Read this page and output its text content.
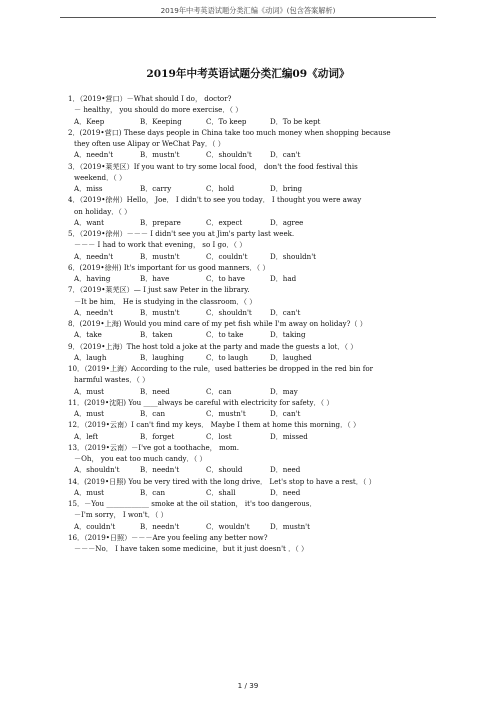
2019年中考英语试题分类汇编《动词》(包含答案解析)
2019年中考英语试题分类汇编09《动词》
1．（2019•营口）－What should I do， doctor?
－ healthy， you should do more exercise．（ ）
A．Keep	B．Keeping	C．To keep	D．To be kept
2．(2019•营口) These days people in China take too much money when shopping because
they often use Alipay or WeChat Pay．（ ）
A．needn't	B．mustn't	C．shouldn't	D．can't
3．（2019•莱芜区）If you want to try some local food， don't the food festival this
weekend．（ ）
A．miss	B．carry	C．hold	D．bring
4．（2019•徐州）Hello， Joe． I didn't to see you today． I thought you were away
on holiday．（ ）
A．want	B．prepare	C．expect	D．agree
5．（2019•徐州）－－－ I didn't see you at Jim's party last week.
－－－ I had to work that evening， so I go．（ ）
A．needn't	B．mustn't	C．couldn't	D．shouldn't
6．(2019•徐州) It's important for us good manners．（ ）
A．having	B．have	C．to have	D．had
7．（2019•莱芜区）— I just saw Peter in the library.
－It be him． He is studying in the classroom．（ ）
A．needn't	B．mustn't	C．shouldn't	D．can't
8．(2019•上海) Would you mind care of my pet fish while I'm away on holiday?（ ）
A．take	B．taken	C．to take	D．taking
9．（2019•上海）The host told a joke at the party and made the guests a lot．（ ）
A．laugh	B．laughing	C．to laugh	D．laughed
10．（2019•上海）According to the rule，used batteries be dropped in the red bin for
harmful wastes．（ ）
A．must	B．need	C．can	D．may
11．(2019•沈阳) You ____always be careful with electricity for safety．（ ）
A．must	B．can	C．mustn't	D．can't
12．（2019•云南）I can't find my keys． Maybe I them at home this morning．（ ）
A．left	B．forget	C．lost	D．missed
13．（2019•云南）－I've got a toothache， mom.
－Oh， you eat too much candy．（ ）
A．shouldn't	B．needn't	C．should	D．need
14．(2019•日照) You be very tired with the long drive． Let's stop to have a rest．（ ）
A．must	B．can	C．shall	D．need
15．－You ____________ smoke at the oil station， it's too dangerous．
－I'm sorry， I won't．（ ）
A．couldn't	B．needn't	C．wouldn't	D．mustn't
16．（2019•日照）－－－Are you feeling any better now?
－－－No． I have taken some medicine，but it just doesn't ．（ ）
1 / 39
